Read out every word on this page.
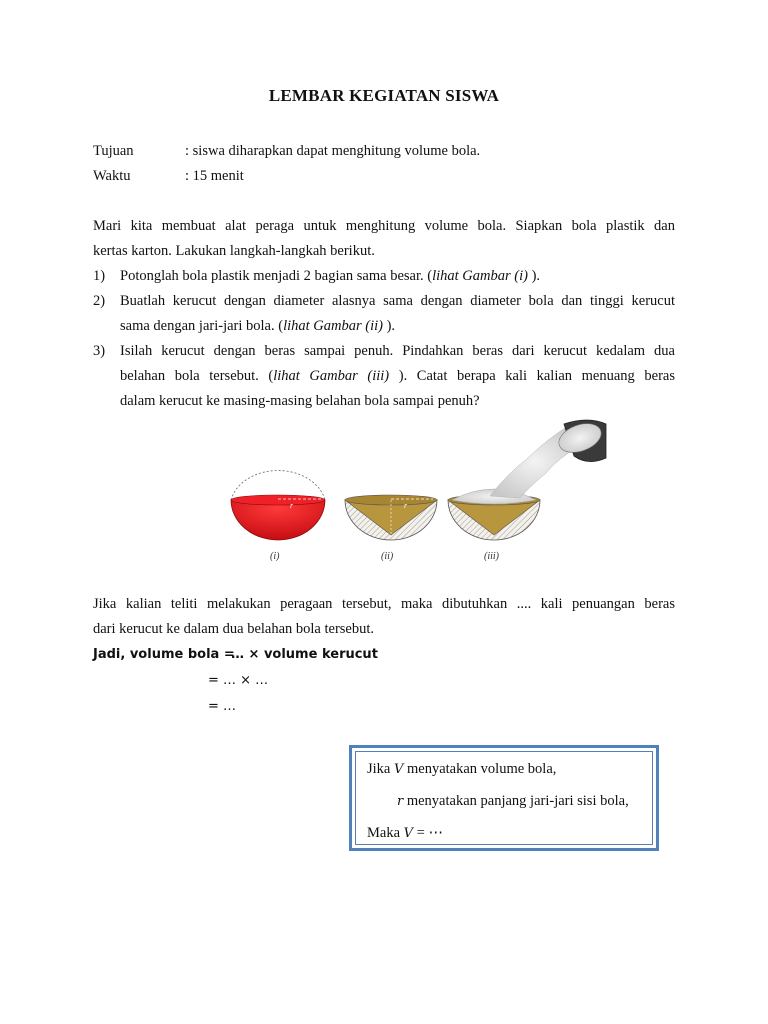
LEMBAR KEGIATAN SISWA
Tujuan	: siswa diharapkan dapat menghitung volume bola.
Waktu	: 15 menit
Mari kita membuat alat peraga untuk menghitung volume bola. Siapkan bola plastik dan
kertas karton. Lakukan langkah-langkah berikut.
1)	Potonglah bola plastik menjadi 2 bagian sama besar. (lihat Gambar (i) ).
2)	Buatlah kerucut dengan diameter alasnya sama dengan diameter bola dan tinggi kerucut
sama dengan jari-jari bola. (lihat Gambar (ii) ).
3)	Isilah kerucut dengan beras sampai penuh. Pindahkan beras dari kerucut kedalam dua
belahan bola tersebut. (lihat Gambar (iii) ). Catat berapa kali kalian menuang beras
dalam kerucut ke masing-masing belahan bola sampai penuh?
r
(i)
r
(ii)	(iii)
Jika kalian teliti melakukan peragaan tersebut, maka dibutuhkan .... kali penuangan beras
dari kerucut ke dalam dua belahan bola tersebut.
Jadi, volume bola =
… × volume kerucut
= … × …
= …
Jika V menyatakan volume bola,
r menyatakan panjang jari-jari sisi bola,
Maka V = ⋯
